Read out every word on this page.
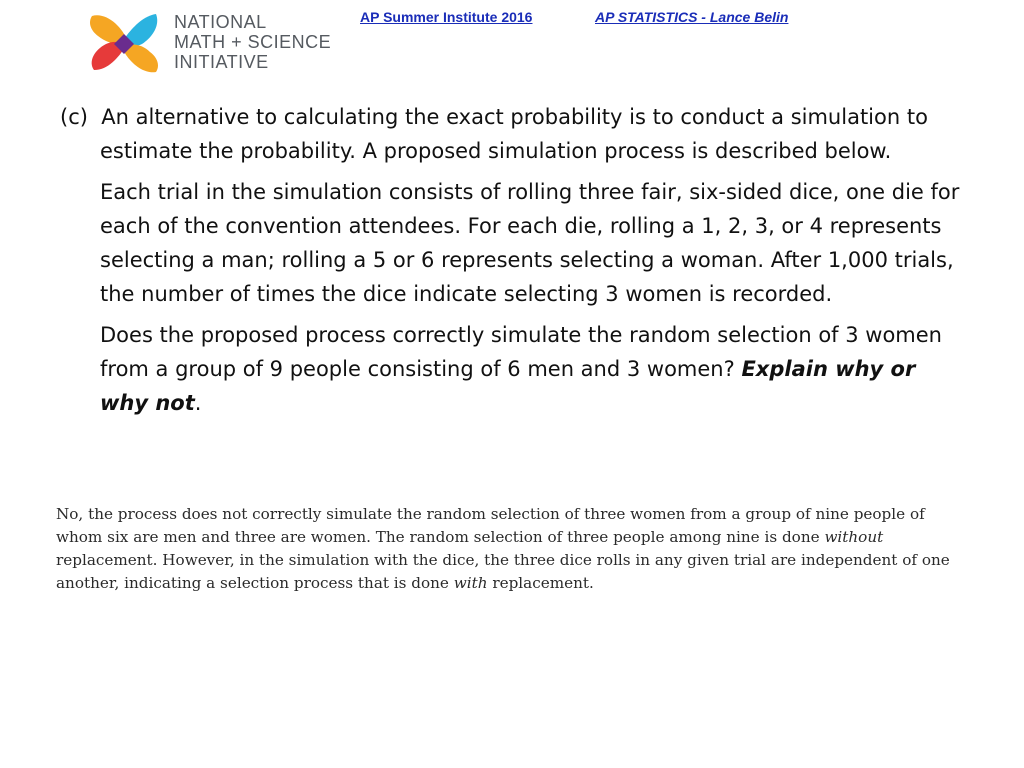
NATIONAL
MATH + SCIENCE
INITIATIVE
AP Summer Institute 2016	AP STATISTICS - Lance Belin

(c) An alternative to calculating the exact probability is to conduct a simulation to estimate the probability. A proposed simulation process is described below.

Each trial in the simulation consists of rolling three fair, six-sided dice, one die for each of the convention attendees. For each die, rolling a 1, 2, 3, or 4 represents selecting a man; rolling a 5 or 6 represents selecting a woman. After 1,000 trials, the number of times the dice indicate selecting 3 women is recorded.

Does the proposed process correctly simulate the random selection of 3 women from a group of 9 people consisting of 6 men and 3 women? Explain why or why not.

No, the process does not correctly simulate the random selection of three women from a group of nine people of whom six are men and three are women. The random selection of three people among nine is done without replacement. However, in the simulation with the dice, the three dice rolls in any given trial are independent of one another, indicating a selection process that is done with replacement.
